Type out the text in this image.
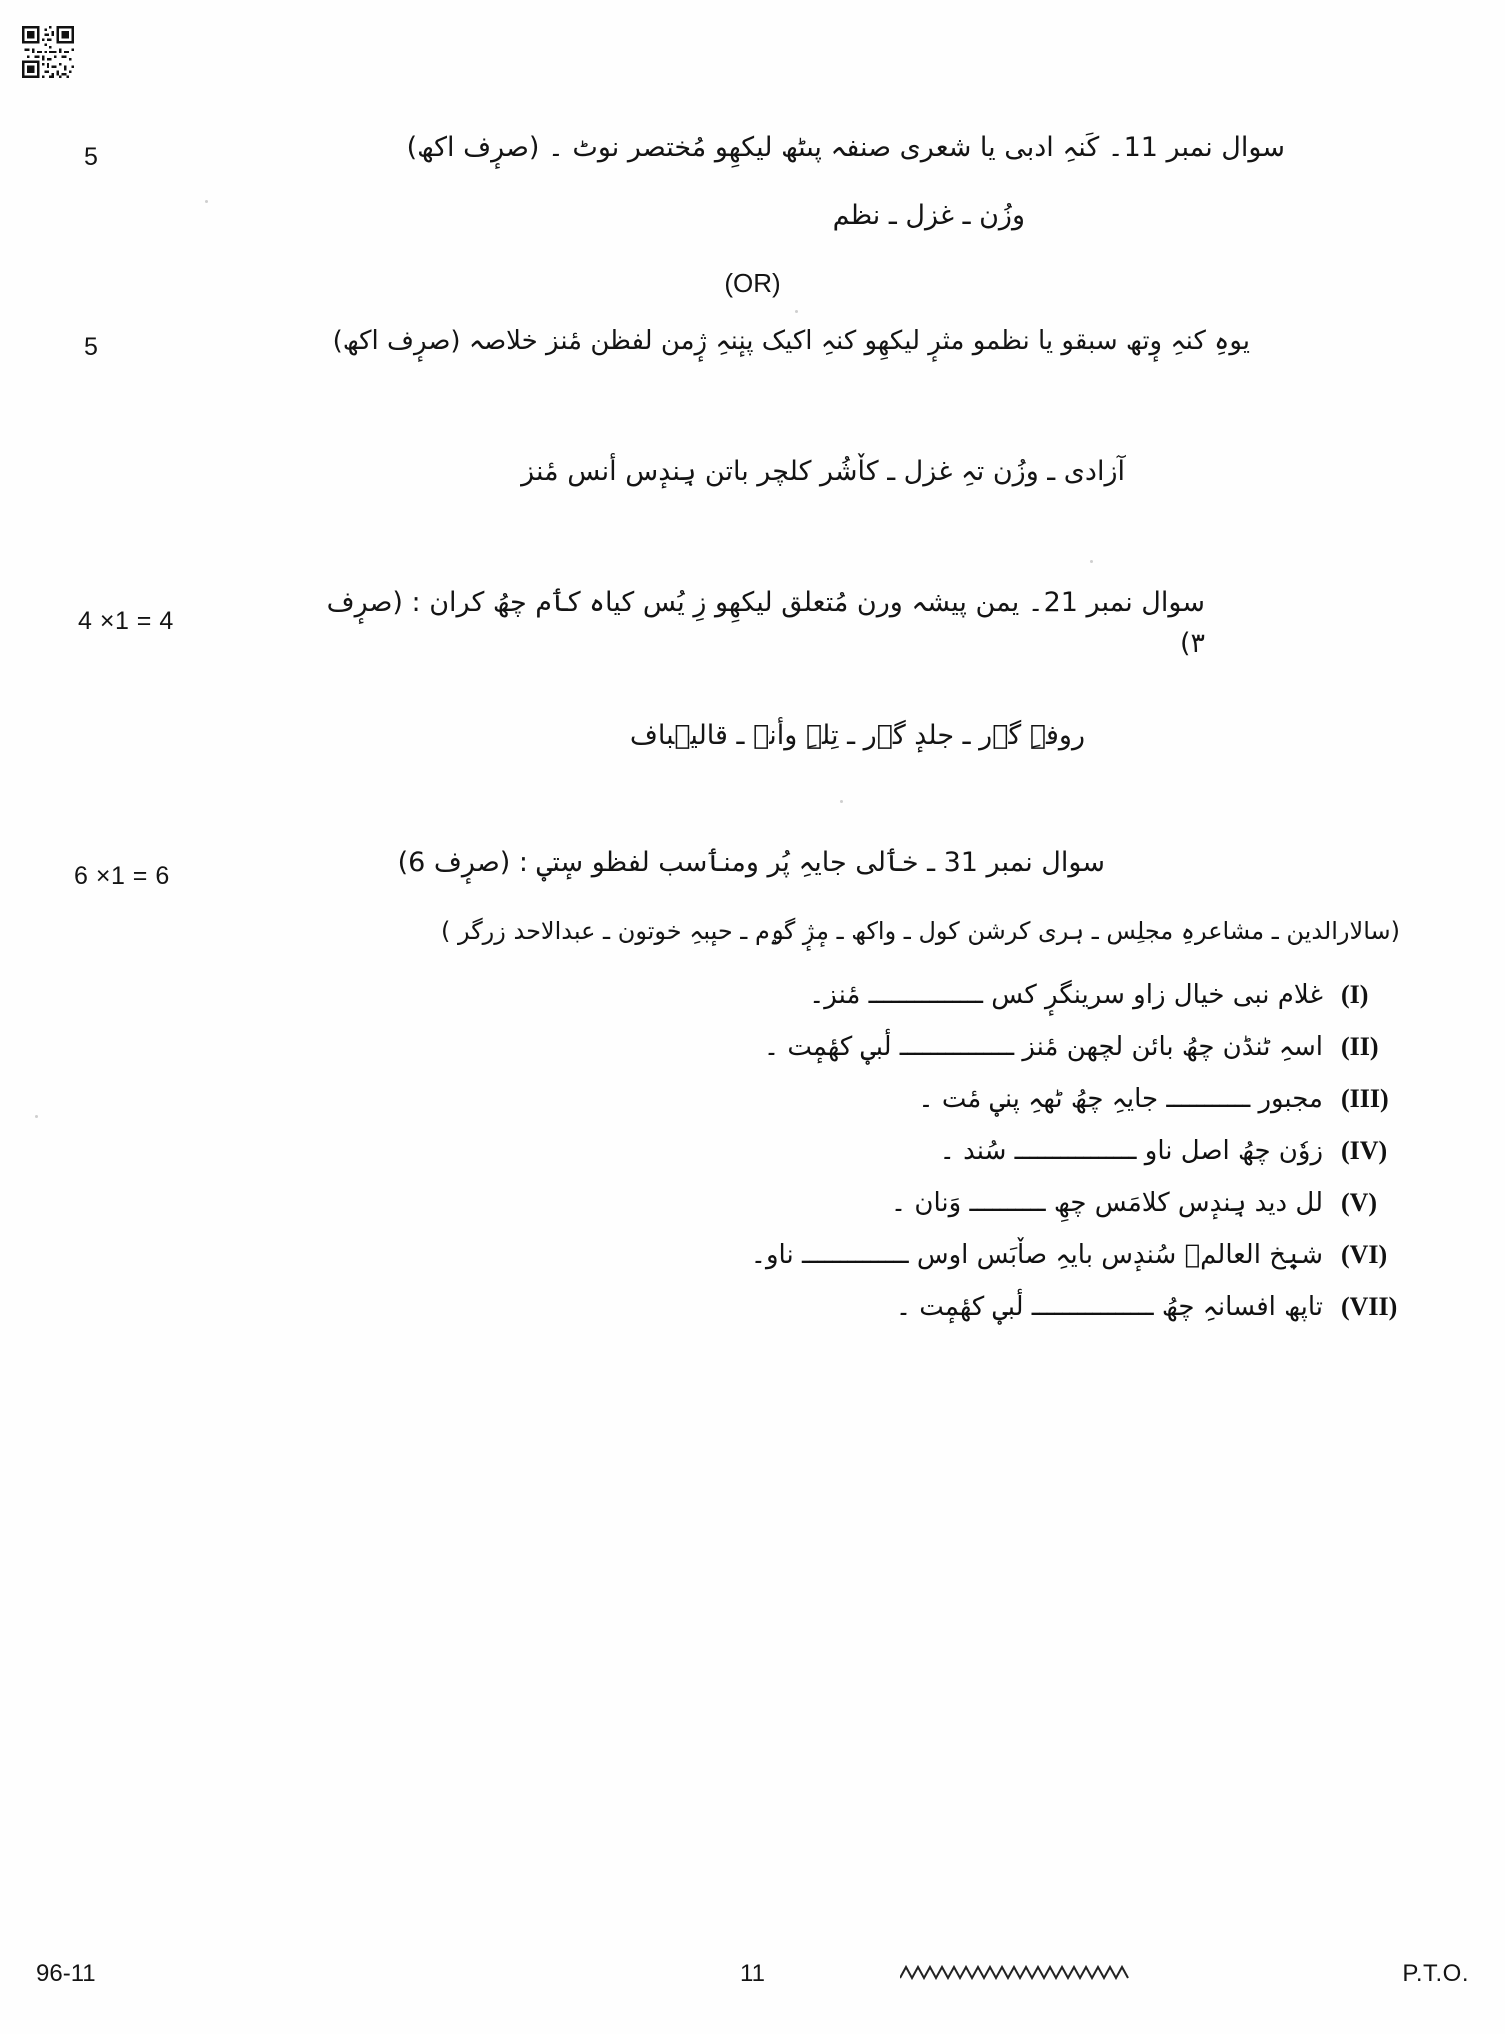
5	سوال نمبر 11۔ کَنہِ ادبی یا شعری صنفہ پٮٹھ لیکھِو مُختصر نوٹ ۔ (صرٕف اکھ)
وزُن ـ غزل ـ نظم
(OR)
5	یوہِ کنہِ وٕتھ سبقو یا نظمو مثرٕ لیکھِو کنہِ اکیک پنٕنہِ ژٕمن لفظن مٔنز خلاصہ (صرٕف اکھ)
آزادی ـ وزُن تہِ غزل ـ کاٚشُر کلچر باتن ہِندٕس أنس مٔنز
4 ×1 = 4
سوال نمبر 12۔ یمن پیشہ ورن مُتعلق لیکھِو زِ یُس کیاہ کٲم چھُ کران : (صرٕف ۳)
روفہِ گۄر ـ جلدٕ گۄر ـ تِلہِ وأنؠ ـ قالیٖباف
6 ×1 = 6	سوال نمبر 13 ـ خٲلی جایہِ پُر ومنٲسب لفظو سٕتؠ : (صرٕف 6)
(سالارالدین ـ مشاعرہِ مجلِس ـ ہری کرشن کول ـ واکھ ـ مٕژٕ گۄم ـ حٮٕبہِ خوتون ـ عبدالاحد زرگر )
(I)
غلام نبی خیال زاو سرینگرٕ کس ـــــــــــــــ مٔنز۔
(II)
اسہِ ٹنڈن چھُ بائن لچھن مٔنز ـــــــــــــــ لٔبؠ کھٔمٕت ۔
(III)
مجبور ـــــــــــ جایہِ چھُ ٹھہِ پنؠ مٔت ۔
(IV)
زوٗن چھُ اصل ناو ــــــــــــــــ سُند ۔
(V)
لل دید ہِندٕس کلامَس چھِ ــــــــــ وَنان ۔
(VI)
شیٖخ العالمؒ سُندٕس بایہِ صاٚبَس اوس ــــــــــــــ ناو۔
(VII)
تاپھ افسانہِ چھُ ــــــــــــــــ لٔبؠ کھٔمٕت ۔
96-11	11	P.T.O.
